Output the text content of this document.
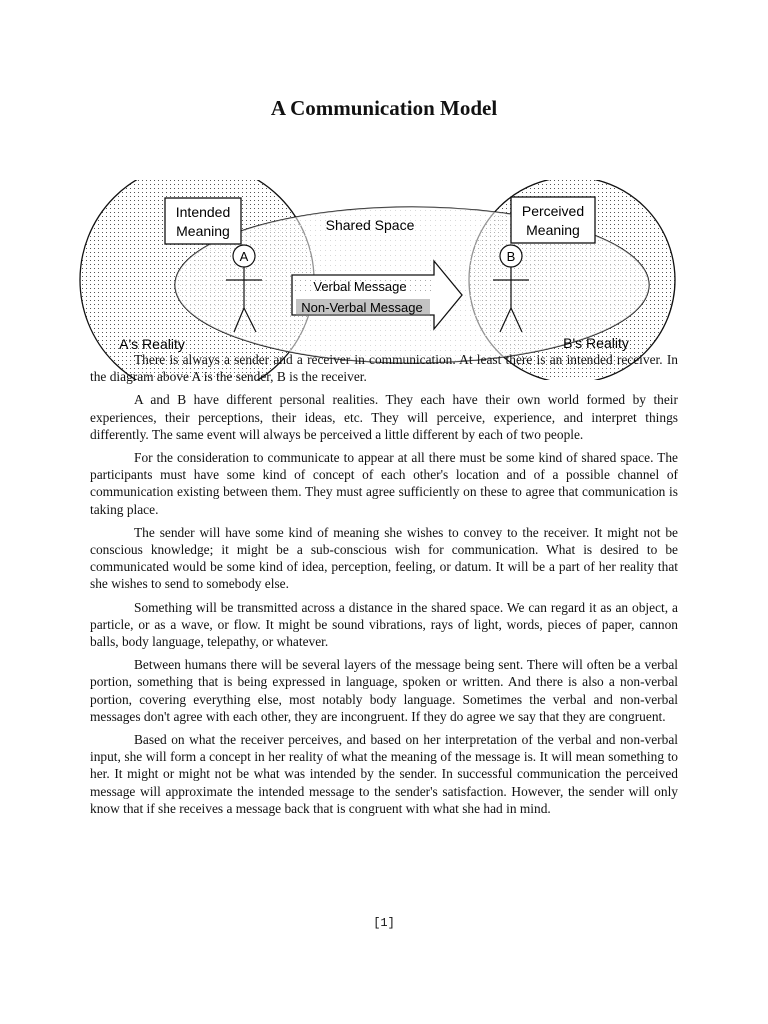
A Communication Model
Intended
Meaning
Perceived
Meaning
Shared Space
A	B
Verbal Message
Non-Verbal Message
A's Reality	B's Reality

There is always a sender and a receiver in communication. At least there is an intended receiver. In the diagram above A is the sender, B is the receiver.

A and B have different personal realities. They each have their own world formed by their experiences, their perceptions, their ideas, etc. They will perceive, experience, and interpret things differently. The same event will always be perceived a little different by each of two people.

For the consideration to communicate to appear at all there must be some kind of shared space. The participants must have some kind of concept of each other's location and of a possible channel of communication existing between them. They must agree sufficiently on these to agree that communication is taking place.

The sender will have some kind of meaning she wishes to convey to the receiver. It might not be conscious knowledge; it might be a sub-conscious wish for communication. What is desired to be communicated would be some kind of idea, perception, feeling, or datum. It will be a part of her reality that she wishes to send to somebody else.

Something will be transmitted across a distance in the shared space. We can regard it as an object, a particle, or as a wave, or flow. It might be sound vibrations, rays of light, words, pieces of paper, cannon balls, body language, telepathy, or whatever.

Between humans there will be several layers of the message being sent. There will often be a verbal portion, something that is being expressed in language, spoken or written. And there is also a non-verbal portion, covering everything else, most notably body language. Sometimes the verbal and non-verbal messages don't agree with each other, they are incongruent. If they do agree we say that they are congruent.

Based on what the receiver perceives, and based on her interpretation of the verbal and non-verbal input, she will form a concept in her reality of what the meaning of the message is. It will mean something to her. It might or might not be what was intended by the sender. In successful communication the perceived message will approximate the intended message to the sender's satisfaction. However, the sender will only know that if she receives a message back that is congruent with what she had in mind.

[1]
